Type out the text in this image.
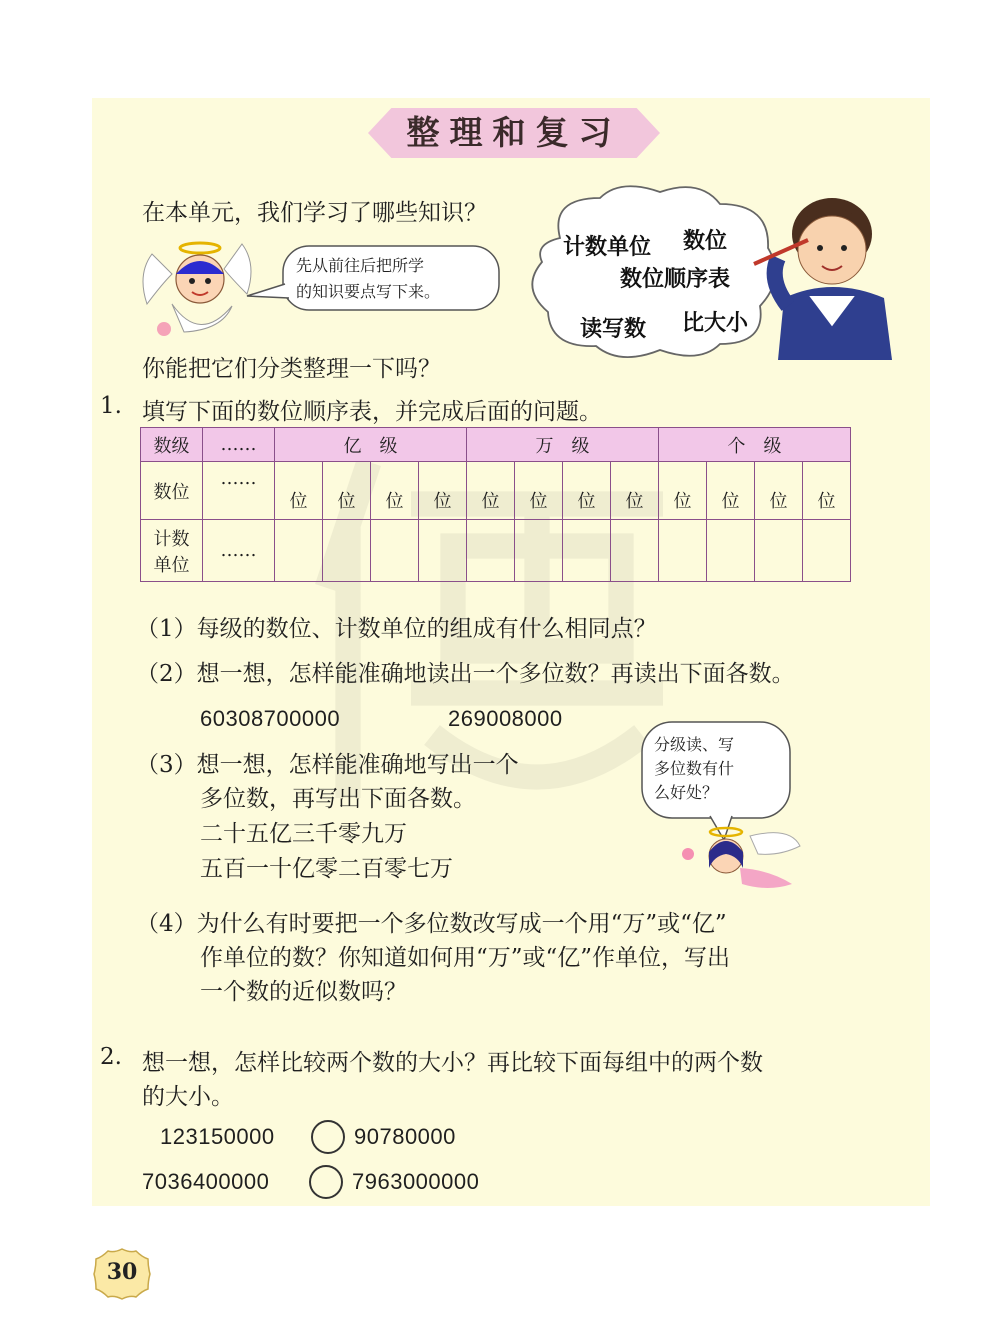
整理和复习
在本单元，我们学习了哪些知识？
先从前往后把所学
的知识要点写下来。
计数单位 数位
数位顺序表
读写数 比大小
你能把它们分类整理一下吗？
1. 填写下面的数位顺序表，并完成后面的问题。
数级	……	亿　级				万　级				个　级			
数位	……	位	位	位	位	位	位	位	位	位	位	位	位

计数
单位	……												
（1）每级的数位、计数单位的组成有什么相同点？
（2）想一想，怎样能准确地读出一个多位数？再读出下面各数。
60308700000	269008000
（3）想一想，怎样能准确地写出一个
多位数，再写出下面各数。
二十五亿三千零九万
五百一十亿零二百零七万
分级读、写
多位数有什
么好处？
（4）为什么有时要把一个多位数改写成一个用“万”或“亿”
作单位的数？你知道如何用“万”或“亿”作单位，写出
一个数的近似数吗？
2. 想一想，怎样比较两个数的大小？再比较下面每组中的两个数
的大小。
123150000	90780000
7036400000	7963000000
30
